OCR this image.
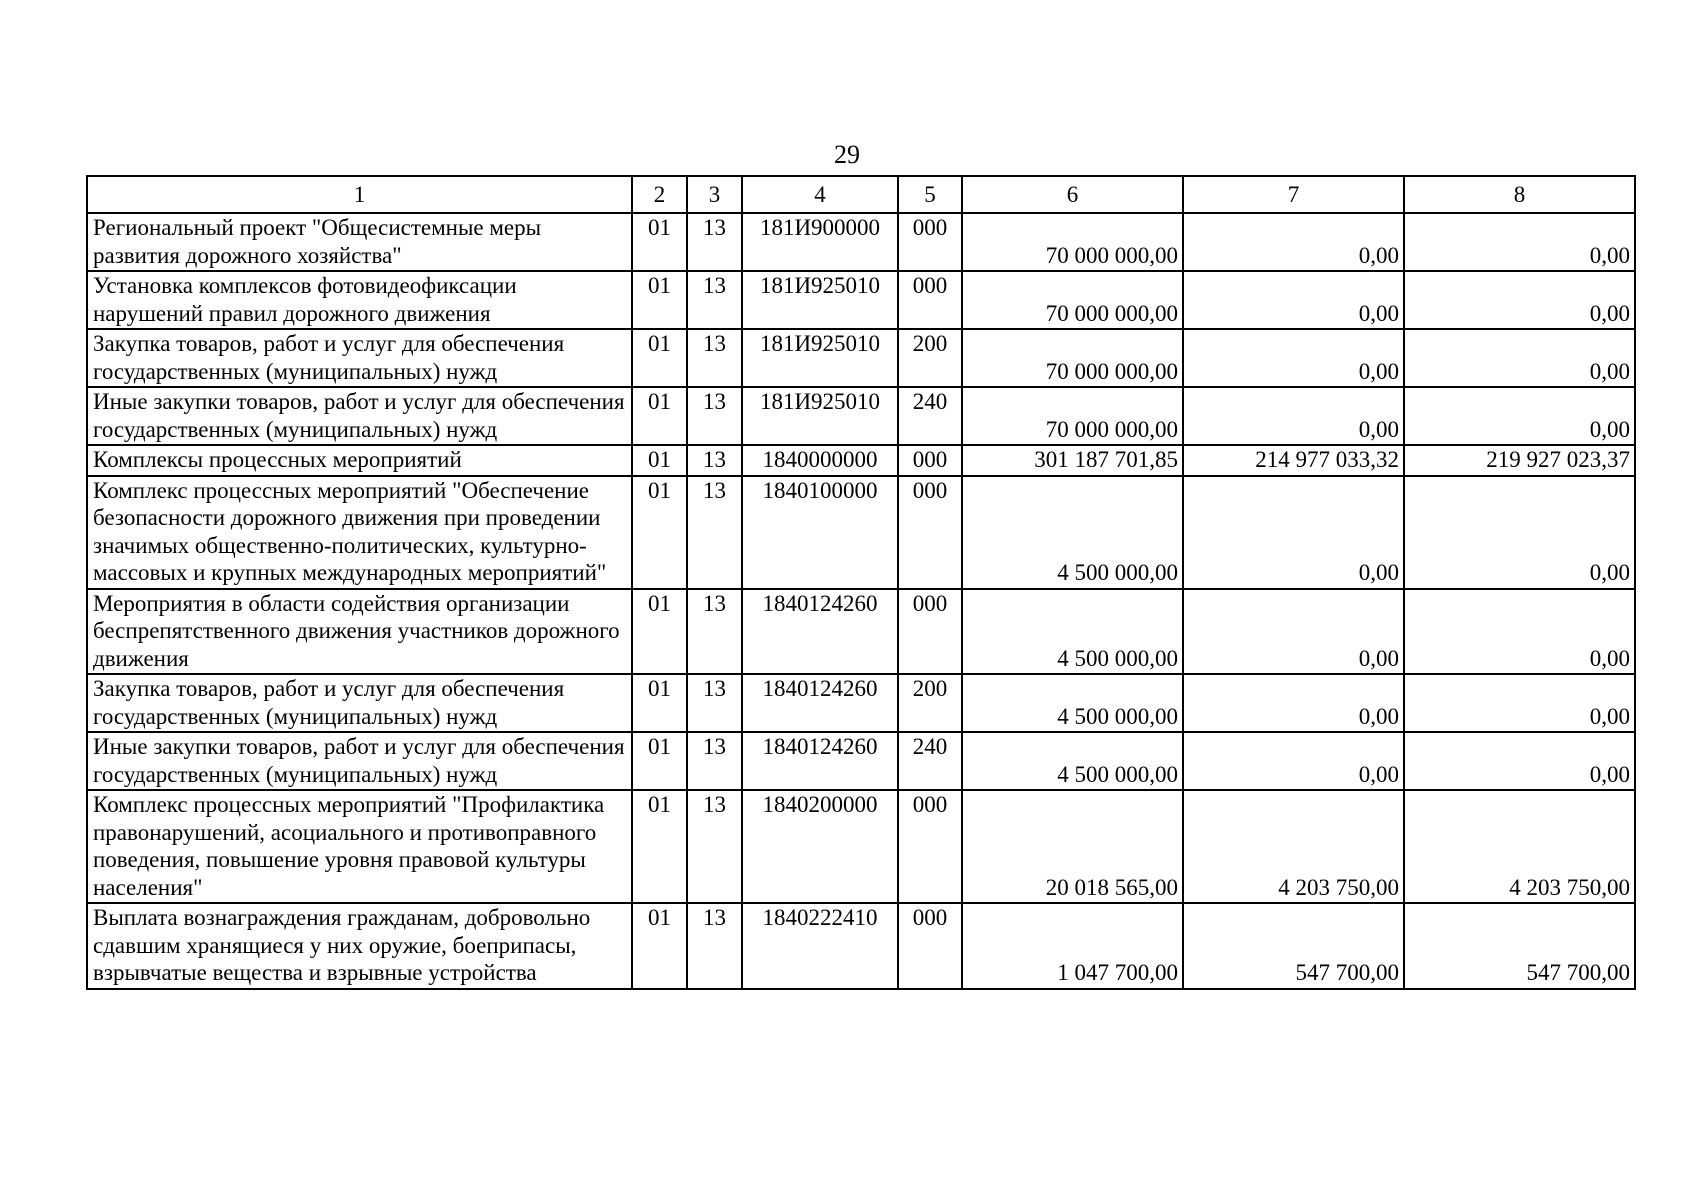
29
1	2	3	4	5	6	7	8
Региональный проект "Общесистемные меры развития дорожного хозяйства"	01	13	181И900000	000	70 000 000,00	0,00	0,00
Установка комплексов фотовидеофиксации нарушений правил дорожного движения	01	13	181И925010	000	70 000 000,00	0,00	0,00
Закупка товаров, работ и услуг для обеспечения государственных (муниципальных) нужд	01	13	181И925010	200	70 000 000,00	0,00	0,00
Иные закупки товаров, работ и услуг для обеспечения государственных (муниципальных) нужд	01	13	181И925010	240	70 000 000,00	0,00	0,00
Комплексы процессных мероприятий	01	13	1840000000	000	301 187 701,85	214 977 033,32	219 927 023,37
Комплекс процессных мероприятий "Обеспечение безопасности дорожного движения при проведении значимых общественно-политических, культурно-массовых и крупных международных мероприятий"	01	13	1840100000	000	4 500 000,00	0,00	0,00
Мероприятия в области содействия организации беспрепятственного движения участников дорожного движения	01	13	1840124260	000	4 500 000,00	0,00	0,00
Закупка товаров, работ и услуг для обеспечения государственных (муниципальных) нужд	01	13	1840124260	200	4 500 000,00	0,00	0,00
Иные закупки товаров, работ и услуг для обеспечения государственных (муниципальных) нужд	01	13	1840124260	240	4 500 000,00	0,00	0,00
Комплекс процессных мероприятий "Профилактика правонарушений, асоциального и противоправного поведения, повышение уровня правовой культуры населения"	01	13	1840200000	000	20 018 565,00	4 203 750,00	4 203 750,00
Выплата вознаграждения гражданам, добровольно сдавшим хранящиеся у них оружие, боеприпасы, взрывчатые вещества и взрывные устройства	01	13	1840222410	000	1 047 700,00	547 700,00	547 700,00
